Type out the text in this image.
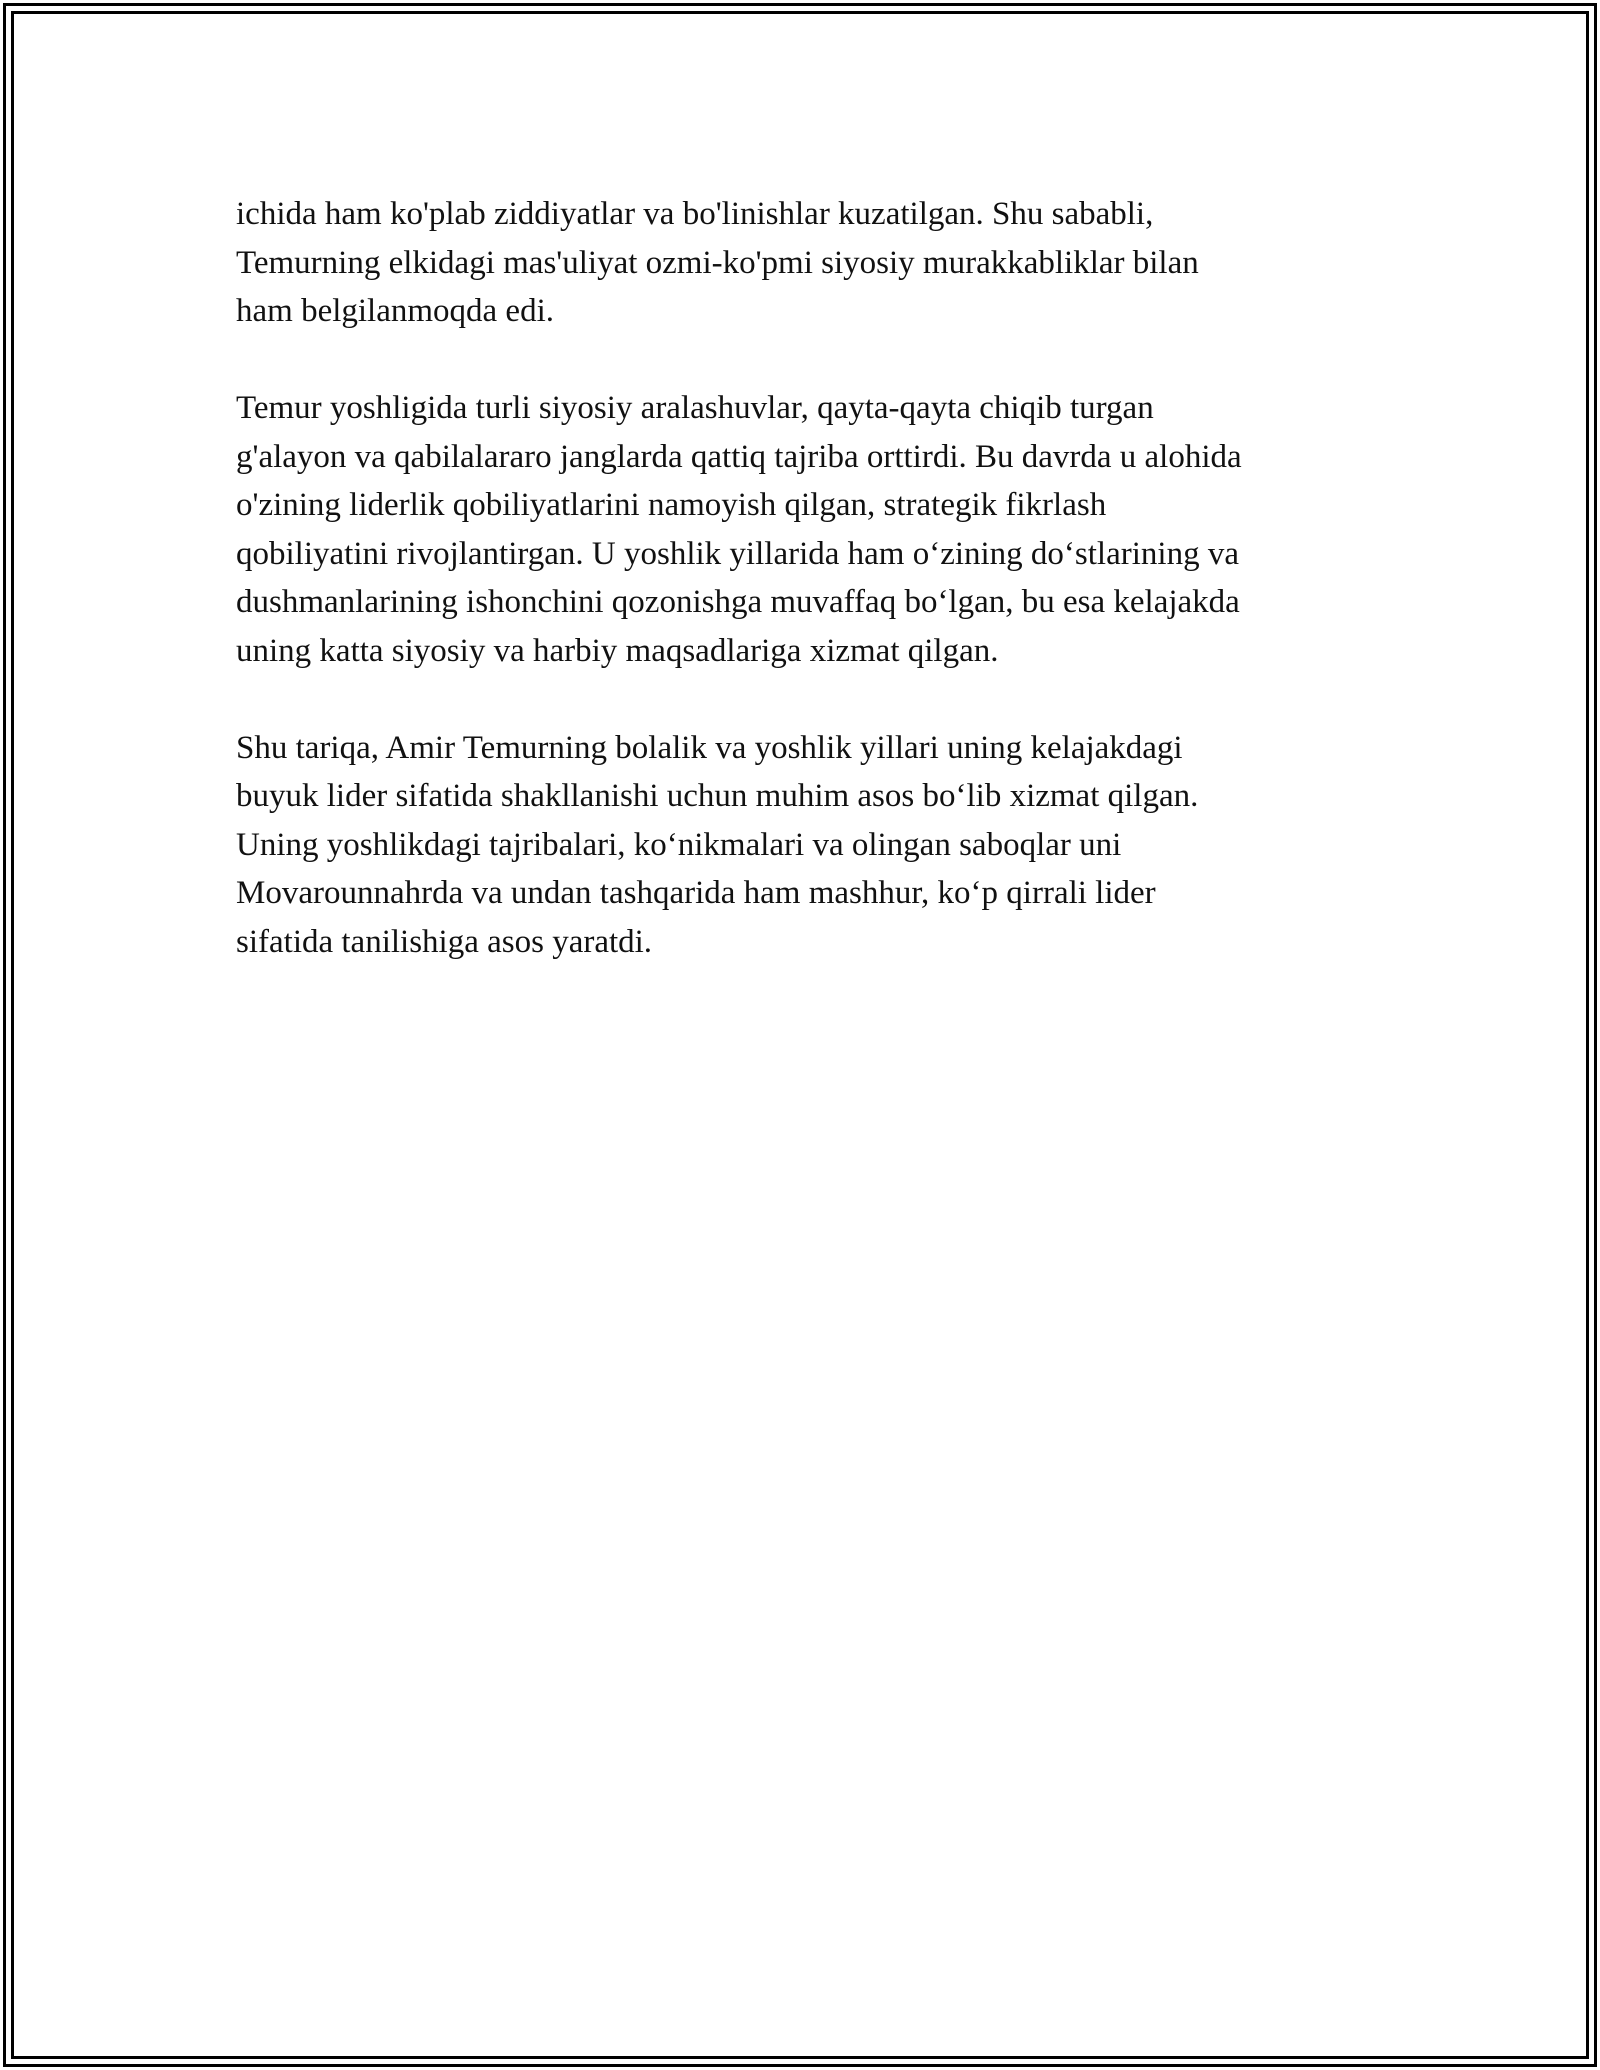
ichida ham ko'plab ziddiyatlar va bo'linishlar kuzatilgan. Shu sababli,
Temurning elkidagi mas'uliyat ozmi-ko'pmi siyosiy murakkabliklar bilan
ham belgilanmoqda edi.

Temur yoshligida turli siyosiy aralashuvlar, qayta-qayta chiqib turgan
g'alayon va qabilalararo janglarda qattiq tajriba orttirdi. Bu davrda u alohida
o'zining liderlik qobiliyatlarini namoyish qilgan, strategik fikrlash
qobiliyatini rivojlantirgan. U yoshlik yillarida ham o‘zining do‘stlarining va
dushmanlarining ishonchini qozonishga muvaffaq bo‘lgan, bu esa kelajakda
uning katta siyosiy va harbiy maqsadlariga xizmat qilgan.

Shu tariqa, Amir Temurning bolalik va yoshlik yillari uning kelajakdagi
buyuk lider sifatida shakllanishi uchun muhim asos bo‘lib xizmat qilgan.
Uning yoshlikdagi tajribalari, ko‘nikmalari va olingan saboqlar uni
Movarounnahrda va undan tashqarida ham mashhur, ko‘p qirrali lider
sifatida tanilishiga asos yaratdi.
